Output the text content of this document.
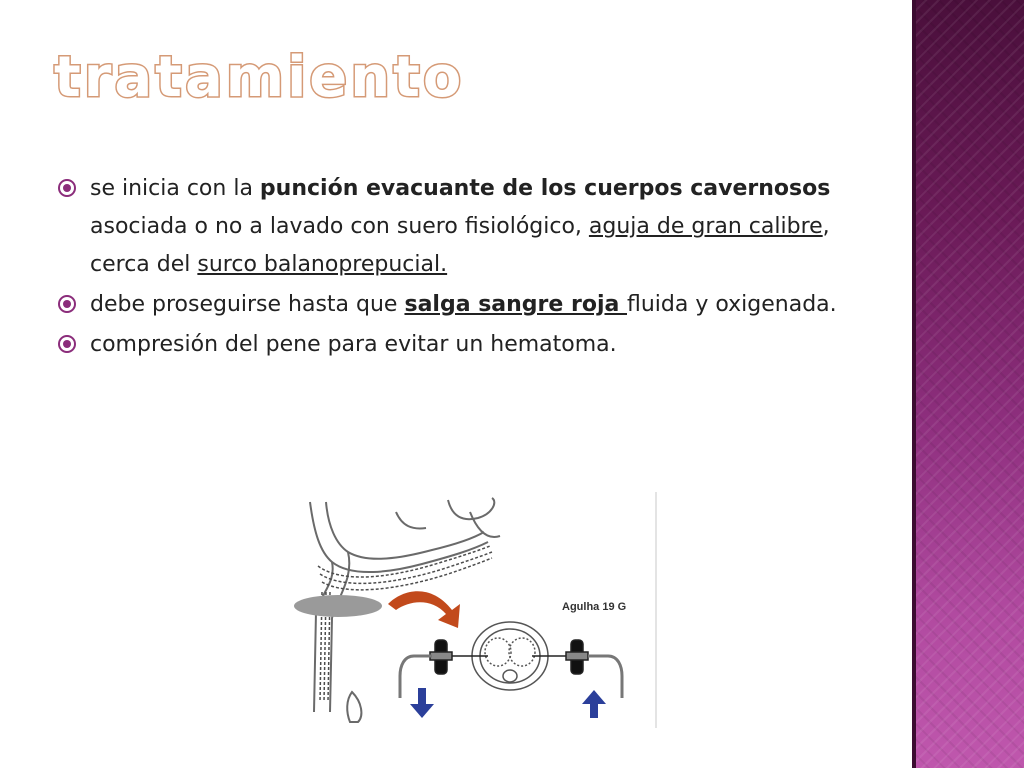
tratamiento
se inicia con la punción evacuante de los cuerpos cavernosos asociada o no a lavado con suero fisiológico, aguja de gran calibre, cerca del surco balanoprepucial.
debe proseguirse hasta que salga sangre roja fluida y oxigenada.
compresión del pene para evitar un hematoma.
Agulha 19 G
